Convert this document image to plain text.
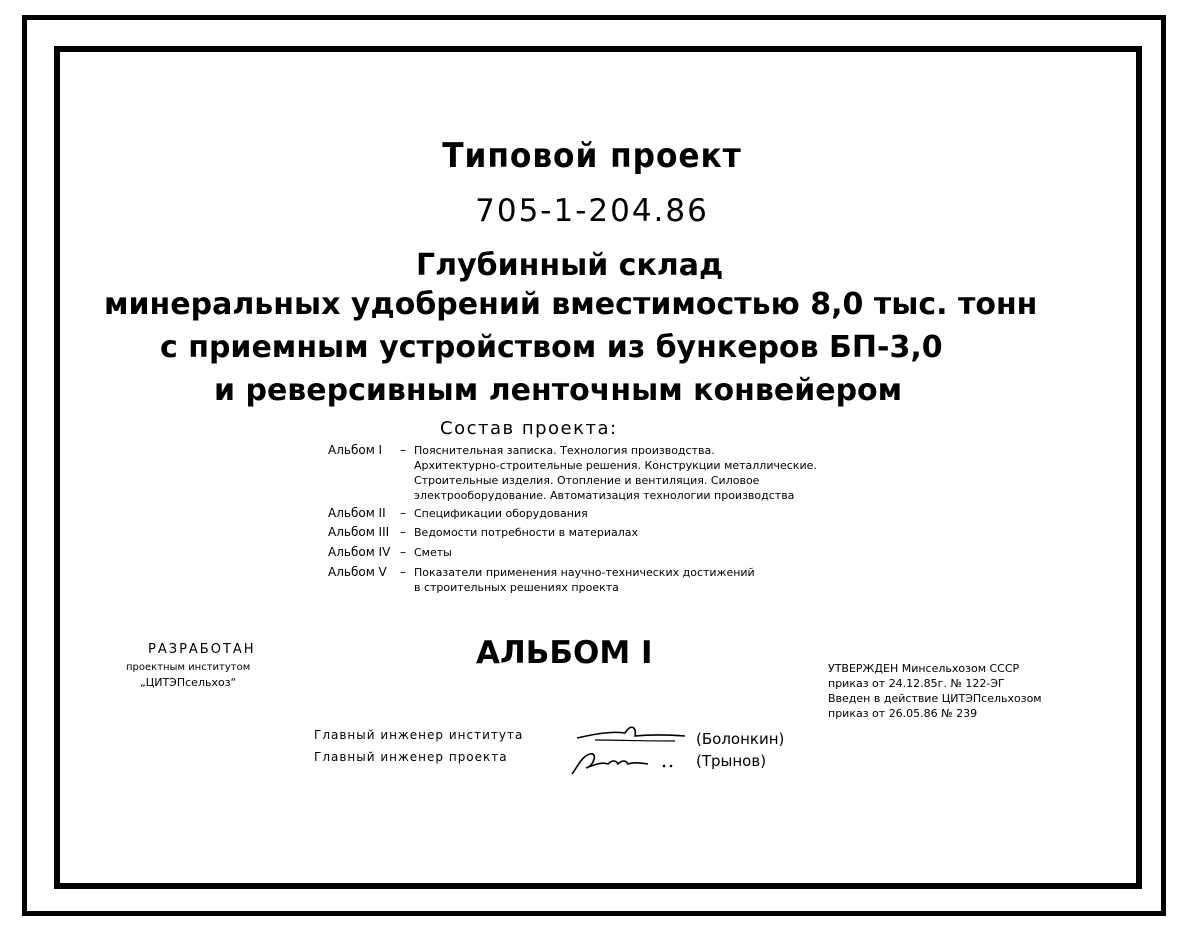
Типовой проект
705-1-204.86
Глубинный склад
минеральных удобрений вместимостью 8,0 тыс. тонн
с приемным устройством из бункеров БП-3,0
и реверсивным ленточным конвейером
Состав проекта:
Альбом I – Пояснительная записка. Технология производства.
Архитектурно-строительные решения. Конструкции металлические.
Строительные изделия. Отопление и вентиляция. Силовое
электрооборудование. Автоматизация технологии производства
Альбом II – Спецификации оборудования
Альбом III – Ведомости потребности в материалах
Альбом IV – Сметы
Альбом V – Показатели применения научно-технических достижений
в строительных решениях проекта
РАЗРАБОТАН
проектным институтом
„ЦИТЭПсельхоз“
АЛЬБОМ I	УТВЕРЖДЕН Минсельхозом СССР
приказ от 24.12.85г. № 122-ЭГ
Введен в действие ЦИТЭПсельхозом
приказ от 26.05.86 № 239
Главный инженер института
Главный инженер проекта
(Болонкин)
(Трынов)
